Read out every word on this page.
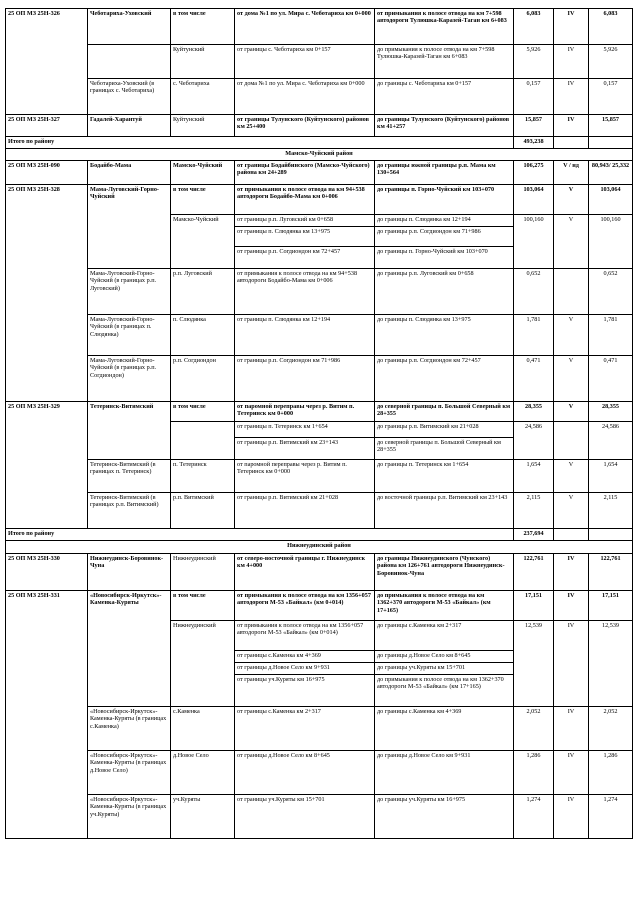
25 ОП МЗ 25Н-326	Чеботариха-Уховский	в том числе	от дома №1 по ул. Мира с. Чеботариха км 0+000	от примыкания к полосе отвода на км 7+598 автодороги Тулюшка-Каразей-Таган км 6+083	6,083	IV	6,083
		Куйтунский	от границы с. Чеботариха км 0+157	до примыкания к полосе отвода на км 7+598 Тулюшка-Каразей-Таган км 6+083	5,926	IV	5,926
	Чеботариха-Уховский (в границах с. Чеботариха)	с. Чеботариха	от дома №1 по ул. Мира с. Чеботариха км 0+000	до границы с. Чеботариха км 0+157	0,157	IV	0,157
25 ОП МЗ 25Н-327	Гадалей-Харантуй	Куйтунский	от границы Тулунского (Куйтунского) районов км 25+400	до границы Тулунского (Куйтунского) районов км 41+257	15,857	IV	15,857
Итого по району					493,238		
Мамско-Чуйский район							
25 ОП МЗ 25Н-090	Бодайбо-Мама	Мамско-Чуйский	от границы Бодайбинского (Мамско-Чуйского) района км 24+289	до границы южной границы р.п. Мама км 130+564	106,275	V / нд	80,943/ 25,332
25 ОП МЗ 25Н-328	Мама-Луговский-Горно-Чуйский	в том числе	от примыкания к полосе отвода на км 94+538 автодороги Бодайбо-Мама км 0+006	до границы п. Горно-Чуйский км 103+070	103,064	V	103,064
		Мамско-Чуйский	от границы р.п. Луговский км 0+658	до границы п. Слюдянка км 12+194	100,160	V	100,160
			от границы п. Слюдянка км 13+975	до границы р.п. Согдиондон км 71+986			
			от границы р.п. Согдиондон км 72+457	до границы п. Горно-Чуйский км 103+070			
	Мама-Луговский-Горно-Чуйский (в границах р.п. Луговский)	р.п. Луговский	от примыкания к полосе отвода на км 94+538 автодороги Бодайбо-Мама км 0+006	до границы р.п. Луговский км 0+658	0,652		0,652
	Мама-Луговский-Горно-Чуйский (в границах п. Слюдянка)	п. Слюдянка	от границы п. Слюдянка км 12+194	до границы п. Слюдянка км 13+975	1,781	V	1,781
	Мама-Луговский-Горно-Чуйский (в границах р.п. Согдиондон)	р.п. Согдиондон	от границы р.п. Согдиондон км 71+986	до границы р.п. Согдиондон км 72+457	0,471	V	0,471
25 ОП МЗ 25Н-329	Тетеринск-Витимский	в том числе	от паромной переправы через р. Витим п. Тетеринск км 0+000	до северной границы п. Большой Северный км 28+355	28,355	V	28,355
			от границы п. Тетеринск км 1+654	до границы р.п. Витимский км 21+028	24,586		24,586
			от границы р.п. Витимский км 23+143	до северной границы п. Большой Северный км 28+355			
	Тетеринск-Витимский (в границах п. Тетеринск)	п. Тетеринск	от паромной переправы через р. Витим п. Тетеринск км 0+000	до границы п. Тетеринск км 1+654	1,654	V	1,654
	Тетеринск-Витимский (в границах р.п. Витимский)	р.п. Витимский	от границы р.п. Витимский км 21+028	до восточной границы р.п. Витимский км 23+143	2,115	V	2,115
Итого по району					237,694		
Нижнеудинский район							
25 ОП МЗ 25Н-330	Нижнеудинск-Боровинок-Чуна	Нижнеудинский	от северо-восточной границы г. Нижнеудинск км 4+000	до границы Нижнеудинского (Чунского) района км 126+761 автодороги Нижнеудинск-Боровинок-Чуна	122,761	IV	122,761
25 ОП МЗ 25Н-331	«Новосибирск-Иркутск»-Каменка-Куряты	в том числе	от примыкания к полосе отвода на км 1356+057 автодороги М-53 «Байкал» (км 0+014)	до примыкания к полосе отвода на км 1362+370 автодороги М-53 «Байкал» (км 17+165)	17,151	IV	17,151
		Нижнеудинский	от примыкания к полосе отвода на км 1356+057 автодороги М-53 «Байкал» (км 0+014)	до границы с.Каменка км 2+317	12,539	IV	12,539
			от границы с.Каменка км 4+369	до границы д.Новое Село км 8+645			
			от границы д.Новое Село км 9+931	до границы уч.Куряты км 15+701			
			от границы уч.Куряты км 16+975	до примыкания к полосе отвода на км 1362+370 автодороги М-53 «Байкал» (км 17+165)			
	«Новосибирск-Иркутск»-Каменка-Куряты (в границах с.Каменка)	с.Каменка	от границы с.Каменка км 2+317	до границы с.Каменка км 4+369	2,052	IV	2,052
	«Новосибирск-Иркутск»-Каменка-Куряты (в границах д.Новое Село)	д.Новое Село	от границы д.Новое Село км 8+645	до границы д.Новое Село км 9+931	1,286	IV	1,286
	«Новосибирск-Иркутск»-Каменка-Куряты (в границах уч.Куряты)	уч.Куряты	от границы уч.Куряты км 15+701	до границы уч.Куряты км 16+975	1,274	IV	1,274
